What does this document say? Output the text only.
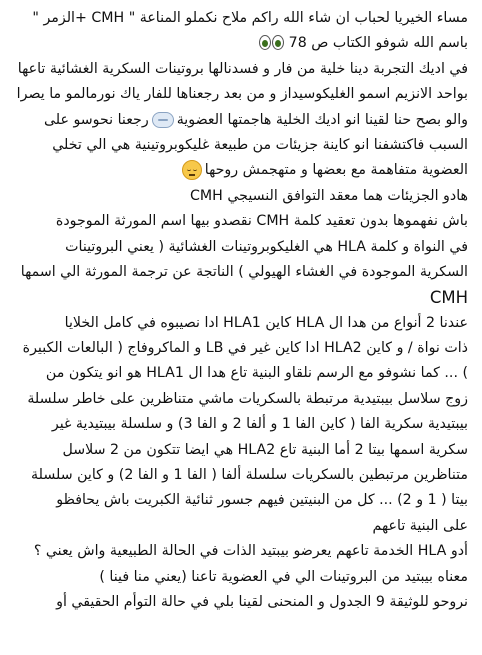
مساء الخيريا لحباب ان شاء الله راكم ملاح نكملو المناعة " CMH +الزمر "
باسم الله شوفو الكتاب ص 78
في اديك التجربة دينا خلية من فار و فسدنالها بروتينات السكرية الغشائية تاعها
بواحد الانزيم اسمو الغليكوسيداز و من بعد رجعناها للفار ياك نورمالمو ما يصرا
والو بصح حنا لقينا انو اديك الخلية هاجمتها العضويةرجعنا نحوسو على
السبب فاكتشفنا انو كاينة جزيئات من طبيعة غليكوبروتينية هي الي تخلي
العضوية متفاهمة مع بعضها و متهجمش روحها
هادو الجزيئات هما معقد التوافق النسيجي CMH
باش نفهموها بدون تعقيد كلمة CMH نقصدو بيها اسم المورثة الموجودة
في النواة و كلمة HLA هي الغليكوبروتينات الغشائية ( يعني البروتينات
السكرية الموجودة في الغشاء الهيولي ) الناتجة عن ترجمة المورثة الي اسمها
CMH
عندنا 2 أنواع من هدا ال HLA كاين HLA1 ادا نصيبوه في كامل الخلايا
ذات نواة / و كاين HLA2 ادا كاين غير في LB و الماكروفاج ( البالعات الكبيرة
) ... كما نشوفو مع الرسم نلقاو البنية تاع هدا ال HLA1 هو انو يتكون من
زوج سلاسل بيبتيدية مرتبطة بالسكريات ماشي متناظرين على خاطر سلسلة
بيبتيدية سكرية الفا ( كاين الفا 1 و ألفا 2 و الفا 3) و سلسلة بيبتيدية غير
سكرية اسمها بيتا 2 أما البنية تاع HLA2 هي ايضا تتكون من 2 سلاسل
متناظرين مرتبطين بالسكريات سلسلة ألفا ( الفا 1 و الفا 2) و كاين سلسلة
بيتا ( 1 و 2) ... كل من البنيتين فيهم جسور ثنائية الكبريت باش يحافظو
على البنية تاعهم
أدو HLA الخدمة تاعهم يعرضو بيبتيد الذات في الحالة الطبيعية واش يعني ؟
معناه بيبتيد من البروتينات الي في العضوية تاعنا (يعني منا فينا )
نروحو للوثيقة 9 الجدول و المنحنى لقينا بلي في حالة التوأم الحقيقي أو
